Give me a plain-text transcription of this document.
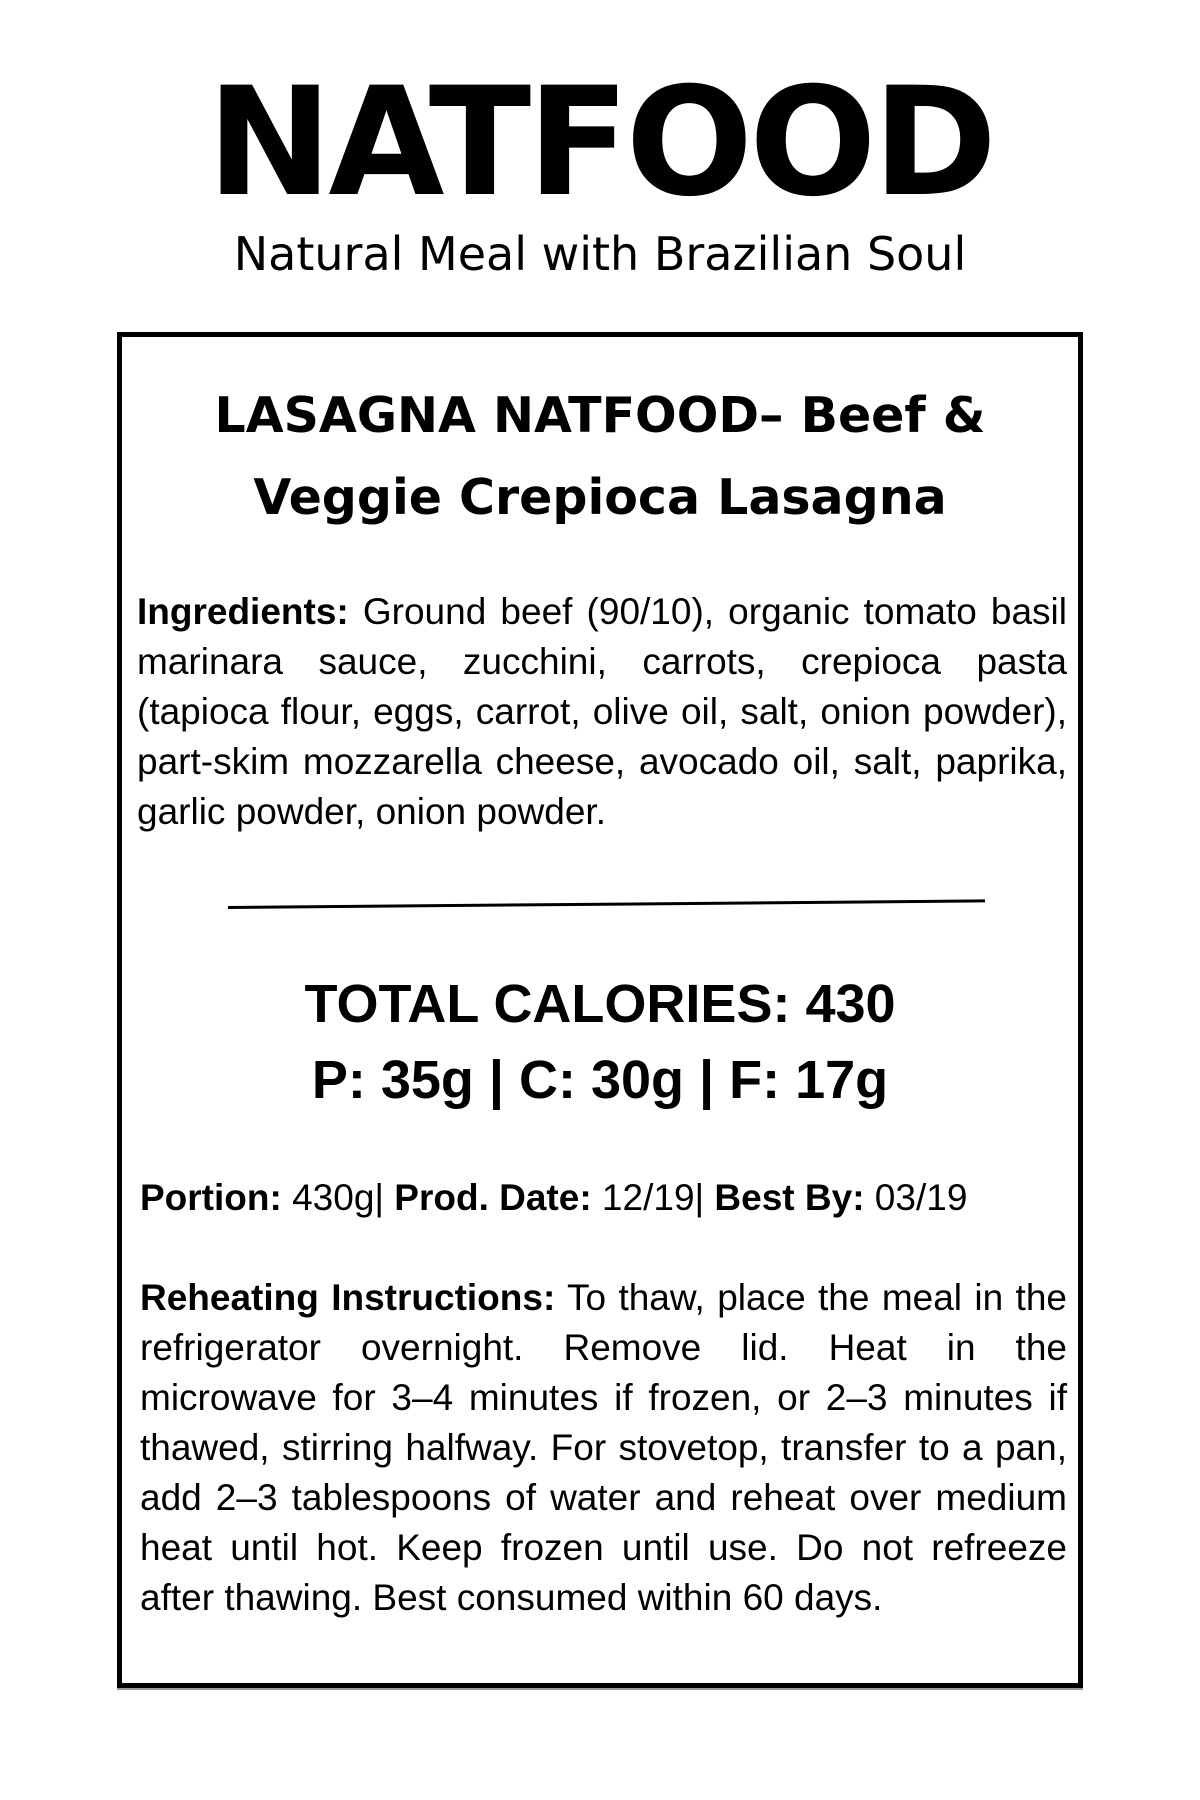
NATFOOD
Natural Meal with Brazilian Soul
LASAGNA NATFOOD– Beef &
Veggie Crepioca Lasagna
Ingredients: Ground beef (90/10), organic tomato basil marinara sauce, zucchini, carrots, crepioca pasta (tapioca flour, eggs, carrot, olive oil, salt, onion powder), part-skim mozzarella cheese, avocado oil, salt, paprika, garlic powder, onion powder.
TOTAL CALORIES: 430
P: 35g | C: 30g | F: 17g
Portion: 430g| Prod. Date: 12/19| Best By: 03/19
Reheating Instructions: To thaw, place the meal in the refrigerator overnight. Remove lid. Heat in the microwave for 3–4 minutes if frozen, or 2–3 minutes if thawed, stirring halfway. For stovetop, transfer to a pan, add 2–3 tablespoons of water and reheat over medium heat until hot. Keep frozen until use. Do not refreeze after thawing. Best consumed within 60 days.
